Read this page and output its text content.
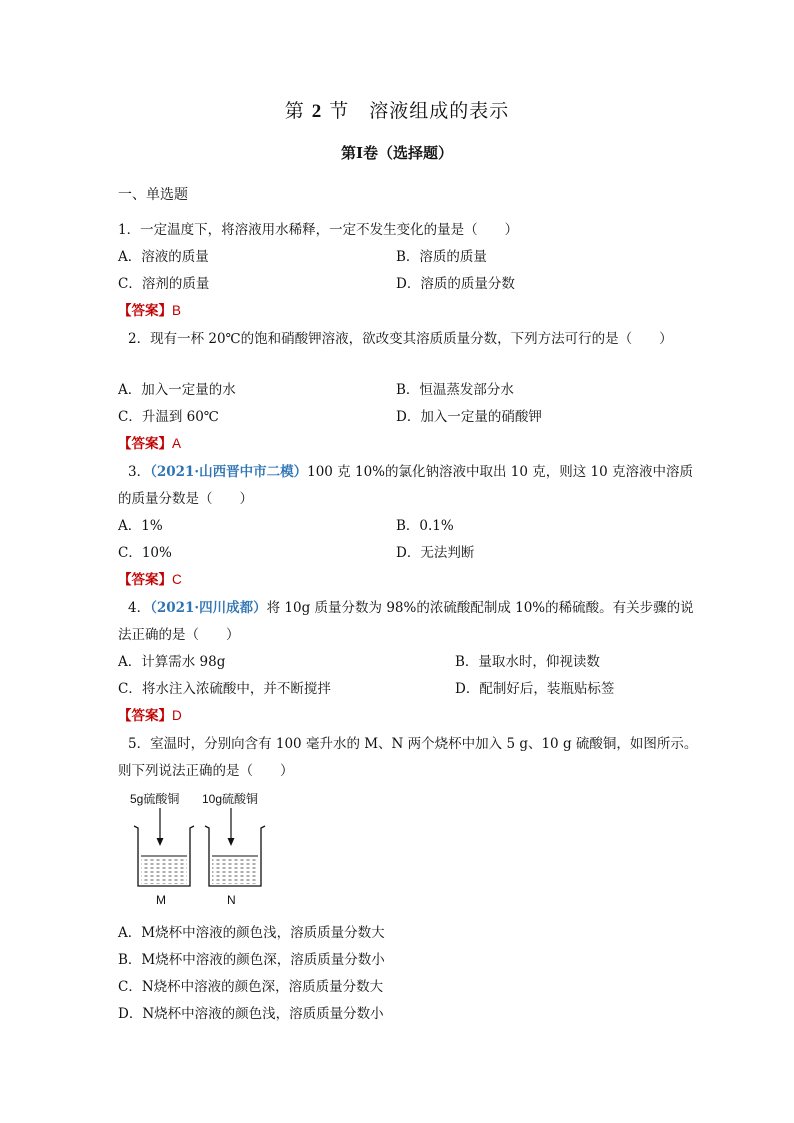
第 2 节　溶液组成的表示
第Ⅰ卷（选择题）
一、单选题
1．一定温度下，将溶液用水稀释，一定不发生变化的量是（　　）
A．溶液的质量	B．溶质的质量
C．溶剂的质量	D．溶质的质量分数
【答案】B
2．现有一杯 20℃的饱和硝酸钾溶液，欲改变其溶质质量分数，下列方法可行的是（　　）
A．加入一定量的水	B．恒温蒸发部分水
C．升温到 60℃	D．加入一定量的硝酸钾
【答案】A
3．（2021·山西晋中市二模）100 克 10%的氯化钠溶液中取出 10 克，则这 10 克溶液中溶质
的质量分数是（　　）
A．1%	B．0.1%
C．10%	D．无法判断
【答案】C
4．（2021·四川成都）将 10g 质量分数为 98%的浓硫酸配制成 10%的稀硫酸。有关步骤的说
法正确的是（　　）
A．计算需水 98g	B．量取水时，仰视读数
C．将水注入浓硫酸中，并不断搅拌	D．配制好后，装瓶贴标签
【答案】D
5．室温时，分别向含有 100 毫升水的 M、N 两个烧杯中加入 5 g、10 g 硫酸铜，如图所示。
则下列说法正确的是（　　）
5g硫酸铜 10g硫酸铜
M	N
A．M烧杯中溶液的颜色浅，溶质质量分数大
B．M烧杯中溶液的颜色深，溶质质量分数小
C．N烧杯中溶液的颜色深，溶质质量分数大
D．N烧杯中溶液的颜色浅，溶质质量分数小
